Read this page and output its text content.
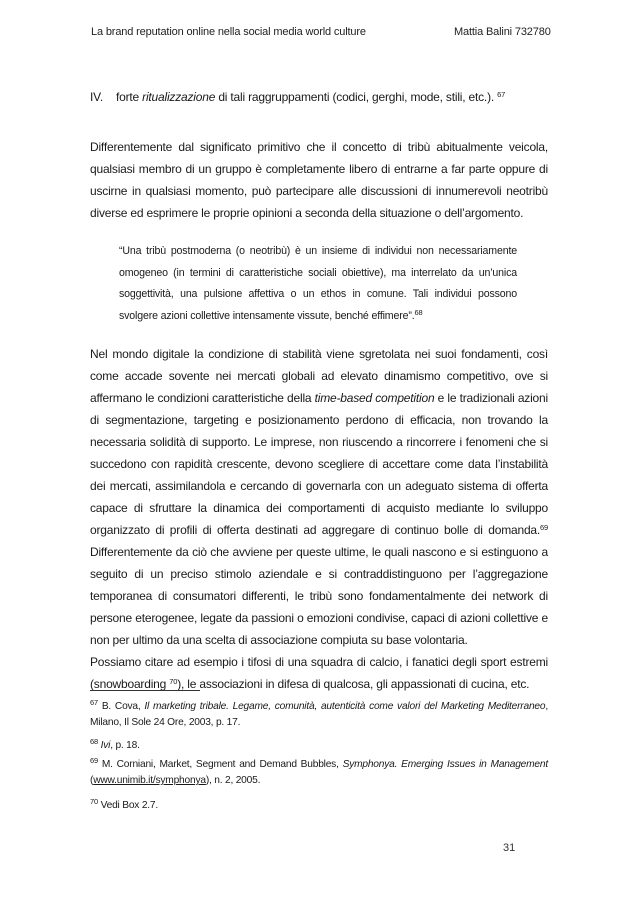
La brand reputation online nella social media world culture	Mattia Balini 732780
IV. forte ritualizzazione di tali raggruppamenti (codici, gerghi, mode, stili, etc.). $^{67}$

Differentemente dal significato primitivo che il concetto di tribù abitualmente veicola, qualsiasi membro di un gruppo è completamente libero di entrarne a far parte oppure di uscirne in qualsiasi momento, può partecipare alle discussioni di innumerevoli neotribù diverse ed esprimere le proprie opinioni a seconda della situazione o dell’argomento.

“Una tribù postmoderna (o neotribù) è un insieme di individui non necessariamente omogeneo (in termini di caratteristiche sociali obiettive), ma interrelato da un’unica soggettività, una pulsione affettiva o un ethos in comune. Tali individui possono svolgere azioni collettive intensamente vissute, benché effimere”.$^{68}$

Nel mondo digitale la condizione di stabilità viene sgretolata nei suoi fondamenti, così come accade sovente nei mercati globali ad elevato dinamismo competitivo, ove si affermano le condizioni caratteristiche della time-based competition e le tradizionali azioni di segmentazione, targeting e posizionamento perdono di efficacia, non trovando la necessaria solidità di supporto. Le imprese, non riuscendo a rincorrere i fenomeni che si succedono con rapidità crescente, devono scegliere di accettare come data l’instabilità dei mercati, assimilandola e cercando di governarla con un adeguato sistema di offerta capace di sfruttare la dinamica dei comportamenti di acquisto mediante lo sviluppo organizzato di profili di offerta destinati ad aggregare di continuo bolle di domanda.$^{69}$ Differentemente da ciò che avviene per queste ultime, le quali nascono e si estinguono a seguito di un preciso stimolo aziendale e si contraddistinguono per l’aggregazione temporanea di consumatori differenti, le tribù sono fondamentalmente dei network di persone eterogenee, legate da passioni o emozioni condivise, capaci di azioni collettive e non per ultimo da una scelta di associazione compiuta su base volontaria.

Possiamo citare ad esempio i tifosi di una squadra di calcio, i fanatici degli sport estremi (snowboarding $^{70}$), le associazioni in difesa di qualcosa, gli appassionati di cucina, etc.

$^{67}$ B. Cova, Il marketing tribale. Legame, comunità, autenticità come valori del Marketing Mediterraneo, Milano, Il Sole 24 Ore, 2003, p. 17.

$^{68}$ Ivi, p. 18.

$^{69}$ M. Corniani, Market, Segment and Demand Bubbles, Symphonya. Emerging Issues in Management (www.unimib.it/symphonya), n. 2, 2005.

$^{70}$ Vedi Box 2.7.

31
